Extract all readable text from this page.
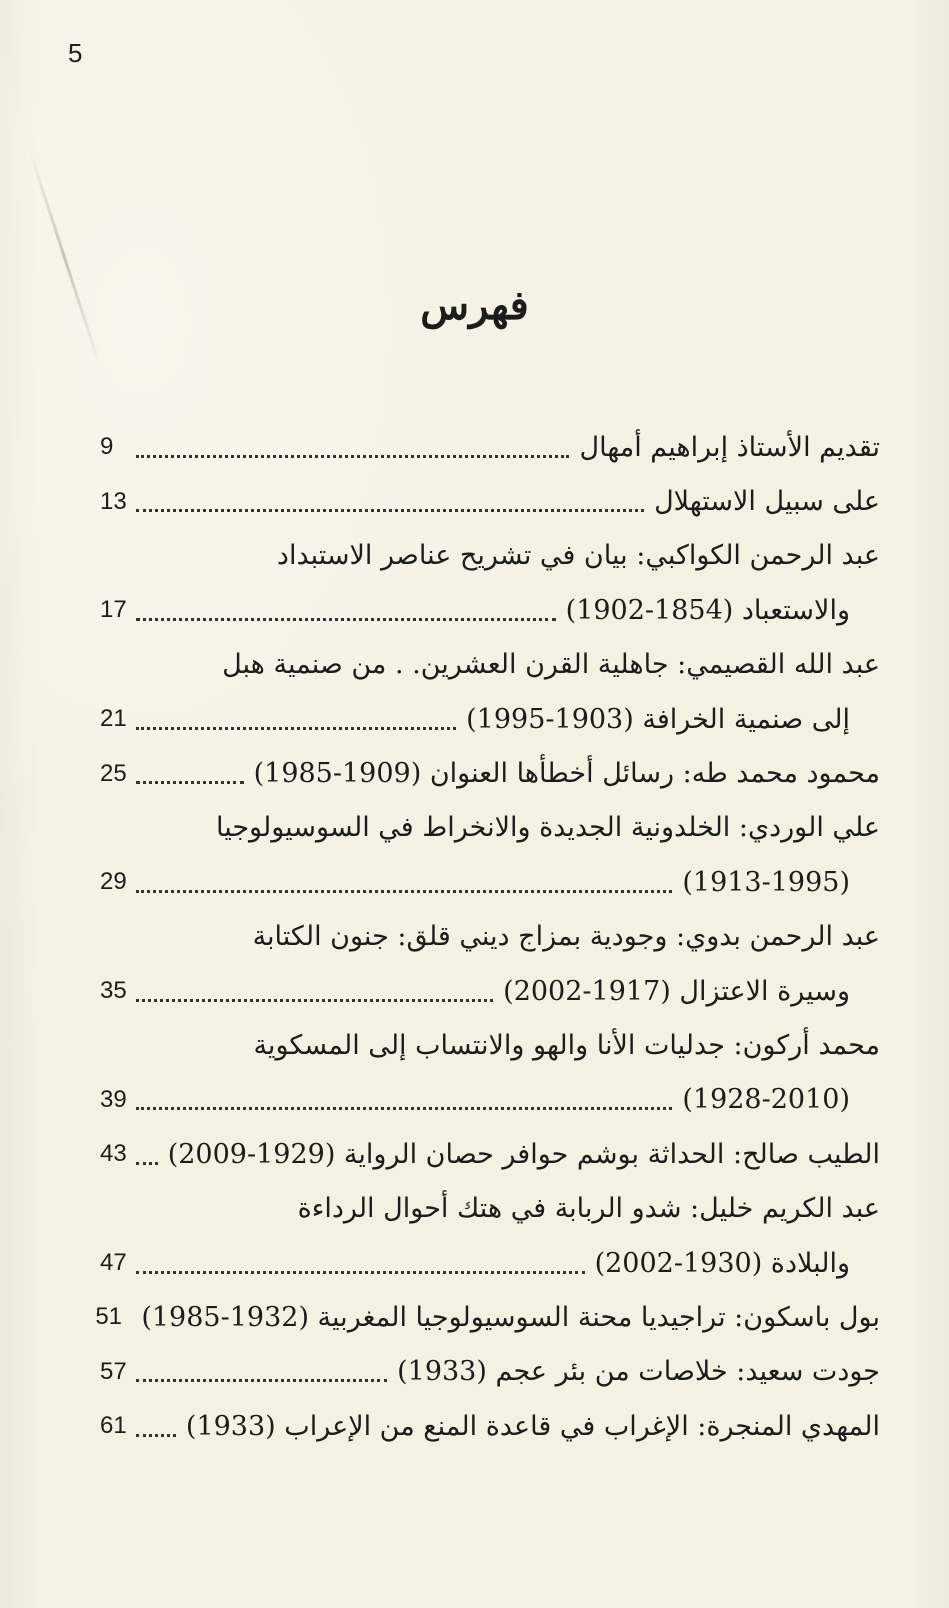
5
فهرس
تقديم الأستاذ إبراهيم أمهال
9
على سبيل الاستهلال
13
عبد الرحمن الكواكبي: بيان في تشريح عناصر الاستبداد
والاستعباد (1854-1902)
17
عبد الله القصيمي: جاهلية القرن العشرين. . من صنمية هبل
إلى صنمية الخرافة (1903-1995)
21
محمود محمد طه: رسائل أخطأها العنوان (1909-1985)
25
علي الوردي: الخلدونية الجديدة والانخراط في السوسيولوجيا
(1913-1995)
29
عبد الرحمن بدوي: وجودية بمزاج ديني قلق: جنون الكتابة
وسيرة الاعتزال (1917-2002)
35
محمد أركون: جدليات الأنا والهو والانتساب إلى المسكوية
(1928-2010)
39
الطيب صالح: الحداثة بوشم حوافر حصان الرواية (1929-2009)
43
عبد الكريم خليل: شدو الربابة في هتك أحوال الرداءة
والبلادة (1930-2002)
47
بول باسكون: تراجيديا محنة السوسيولوجيا المغربية (1932-1985)
51
جودت سعيد: خلاصات من بئر عجم (1933)
57
المهدي المنجرة: الإغراب في قاعدة المنع من الإعراب (1933)
61
